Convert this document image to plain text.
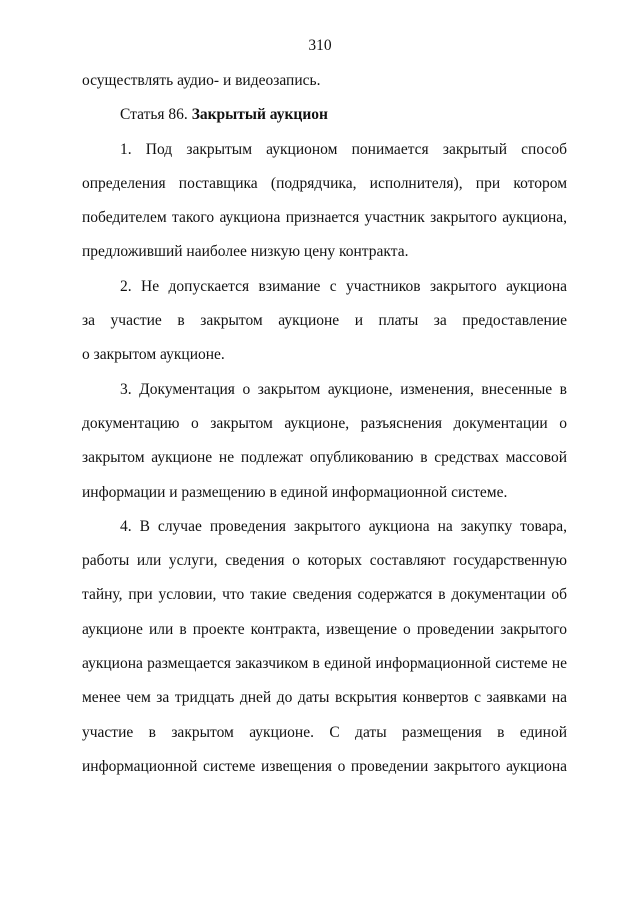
310
осуществлять аудио- и видеозапись.
Статья 86. Закрытый аукцион
1. Под закрытым аукционом понимается закрытый способ
определения поставщика (подрядчика, исполнителя), при котором
победителем такого аукциона признается участник закрытого аукциона,
предложивший наиболее низкую цену контракта.
2. Не допускается взимание с участников закрытого аукциона
за участие в закрытом аукционе и платы за предоставление
о закрытом аукционе.
3. Документация о закрытом аукционе, изменения, внесенные в
документацию о закрытом аукционе, разъяснения документации о
закрытом аукционе не подлежат опубликованию в средствах массовой
информации и размещению в единой информационной системе.
4. В случае проведения закрытого аукциона на закупку товара,
работы или услуги, сведения о которых составляют государственную
тайну, при условии, что такие сведения содержатся в документации об
аукционе или в проекте контракта, извещение о проведении закрытого
аукциона размещается заказчиком в единой информационной системе не
менее чем за тридцать дней до даты вскрытия конвертов с заявками на
участие в закрытом аукционе. С даты размещения в единой
информационной системе извещения о проведении закрытого аукциона
